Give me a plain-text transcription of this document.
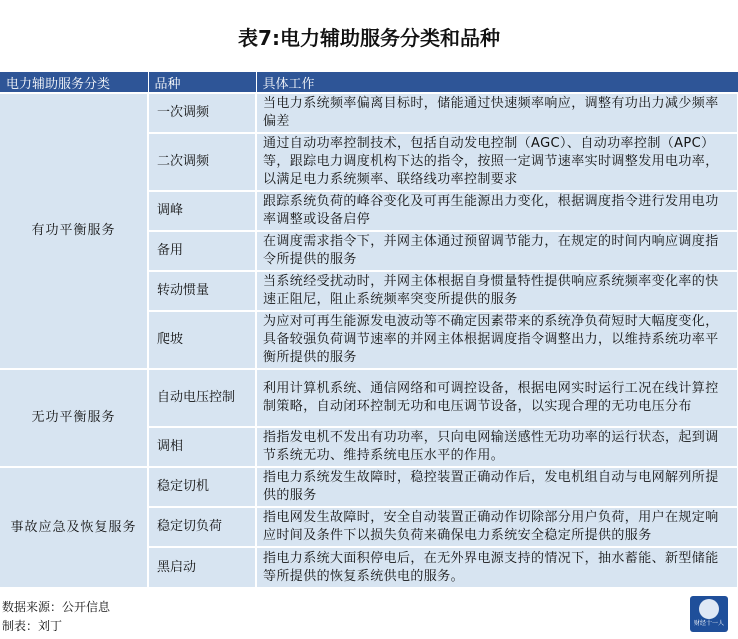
表7:电力辅助服务分类和品种
电力辅助服务分类	品种	具体工作
有功平衡服务	一次调频	当电力系统频率偏离目标时，储能通过快速频率响应，调整有功出力减少频率偏差
	二次调频	通过自动功率控制技术，包括自动发电控制（AGC）、自动功率控制（APC）等，跟踪电力调度机构下达的指令，按照一定调节速率实时调整发用电功率，以满足电力系统频率、联络线功率控制要求
	调峰	跟踪系统负荷的峰谷变化及可再生能源出力变化，根据调度指令进行发用电功率调整或设备启停
	备用	在调度需求指令下，并网主体通过预留调节能力，在规定的时间内响应调度指令所提供的服务
	转动惯量	当系统经受扰动时，并网主体根据自身惯量特性提供响应系统频率变化率的快速正阻尼，阻止系统频率突变所提供的服务
	爬坡	为应对可再生能源发电波动等不确定因素带来的系统净负荷短时大幅度变化，具备较强负荷调节速率的并网主体根据调度指令调整出力，以维持系统功率平衡所提供的服务
无功平衡服务	自动电压控制	利用计算机系统、通信网络和可调控设备，根据电网实时运行工况在线计算控制策略，自动闭环控制无功和电压调节设备，以实现合理的无功电压分布
	调相	指指发电机不发出有功功率，只向电网输送感性无功功率的运行状态，起到调节系统无功、维持系统电压水平的作用。
事故应急及恢复服务	稳定切机	指电力系统发生故障时，稳控装置正确动作后，发电机组自动与电网解列所提供的服务
	稳定切负荷	指电网发生故障时，安全自动装置正确动作切除部分用户负荷，用户在规定响应时间及条件下以损失负荷来确保电力系统安全稳定所提供的服务
	黑启动	指电力系统大面积停电后，在无外界电源支持的情况下，抽水蓄能、新型储能等所提供的恢复系统供电的服务。
数据来源：公开信息
制表：刘丁	财经十一人
